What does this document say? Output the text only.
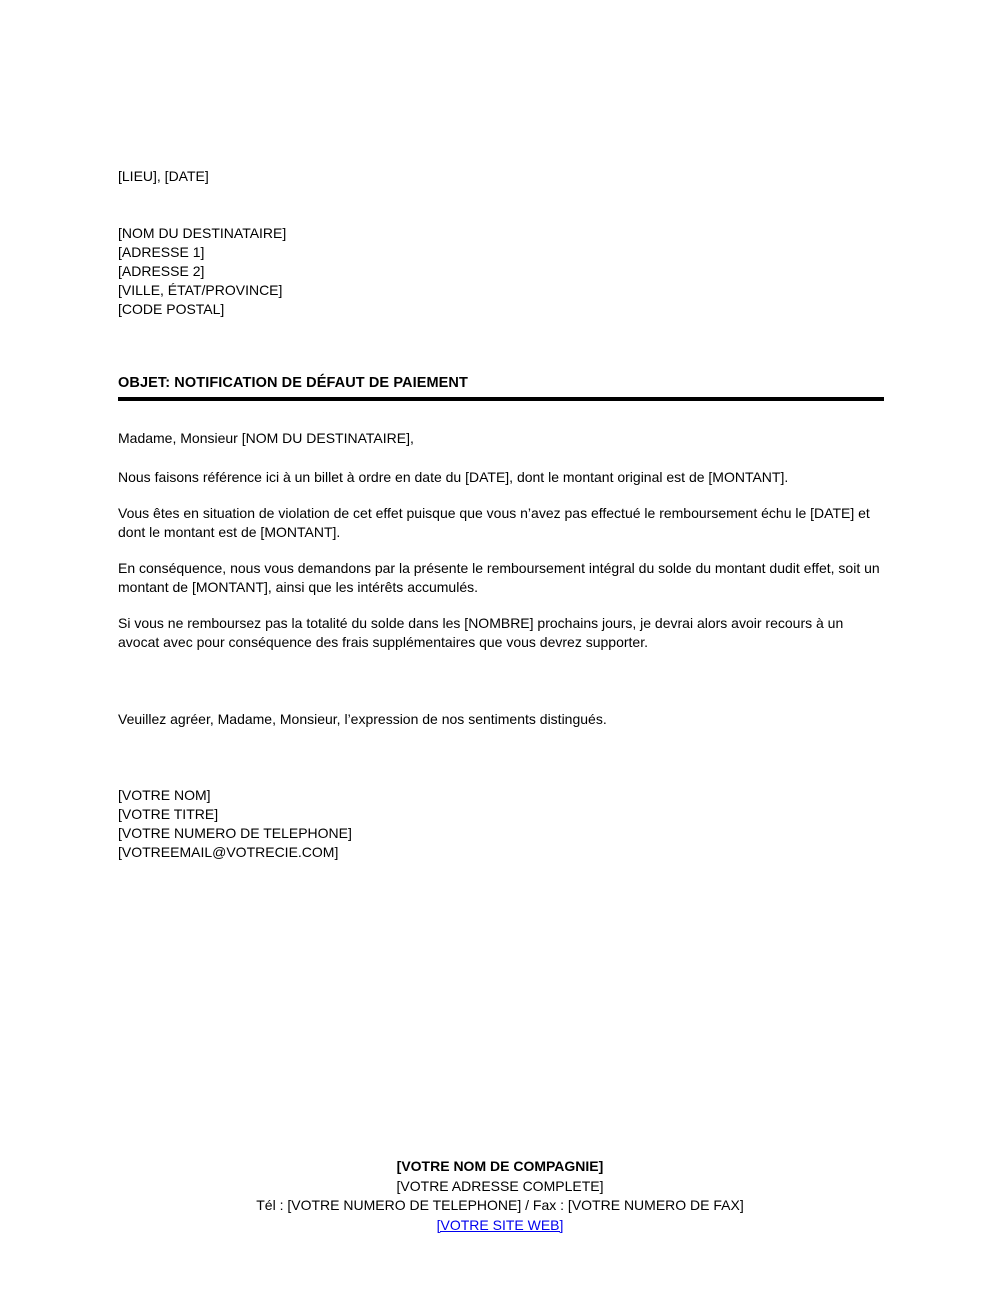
[LIEU], [DATE]
[NOM DU DESTINATAIRE]
[ADRESSE 1]
[ADRESSE 2]
[VILLE, ÉTAT/PROVINCE]
[CODE POSTAL]
OBJET: NOTIFICATION DE DÉFAUT DE PAIEMENT
Madame, Monsieur [NOM DU DESTINATAIRE],
Nous faisons référence ici à un billet à ordre en date du [DATE], dont le montant original est de [MONTANT].
Vous êtes en situation de violation de cet effet puisque que vous n’avez pas effectué le remboursement échu le [DATE] et dont le montant est de [MONTANT].
En conséquence, nous vous demandons par la présente le remboursement intégral du solde du montant dudit effet, soit un montant de [MONTANT], ainsi que les intérêts accumulés.
Si vous ne remboursez pas la totalité du solde dans les [NOMBRE] prochains jours, je devrai alors avoir recours à un avocat avec pour conséquence des frais supplémentaires que vous devrez supporter.
Veuillez agréer, Madame, Monsieur, l’expression de nos sentiments distingués.
[VOTRE NOM]
[VOTRE TITRE]
[VOTRE NUMERO DE TELEPHONE]
[VOTREEMAIL@VOTRECIE.COM]
[VOTRE NOM DE COMPAGNIE]
[VOTRE ADRESSE COMPLETE]
Tél : [VOTRE NUMERO DE TELEPHONE] / Fax : [VOTRE NUMERO DE FAX]
[VOTRE SITE WEB]
